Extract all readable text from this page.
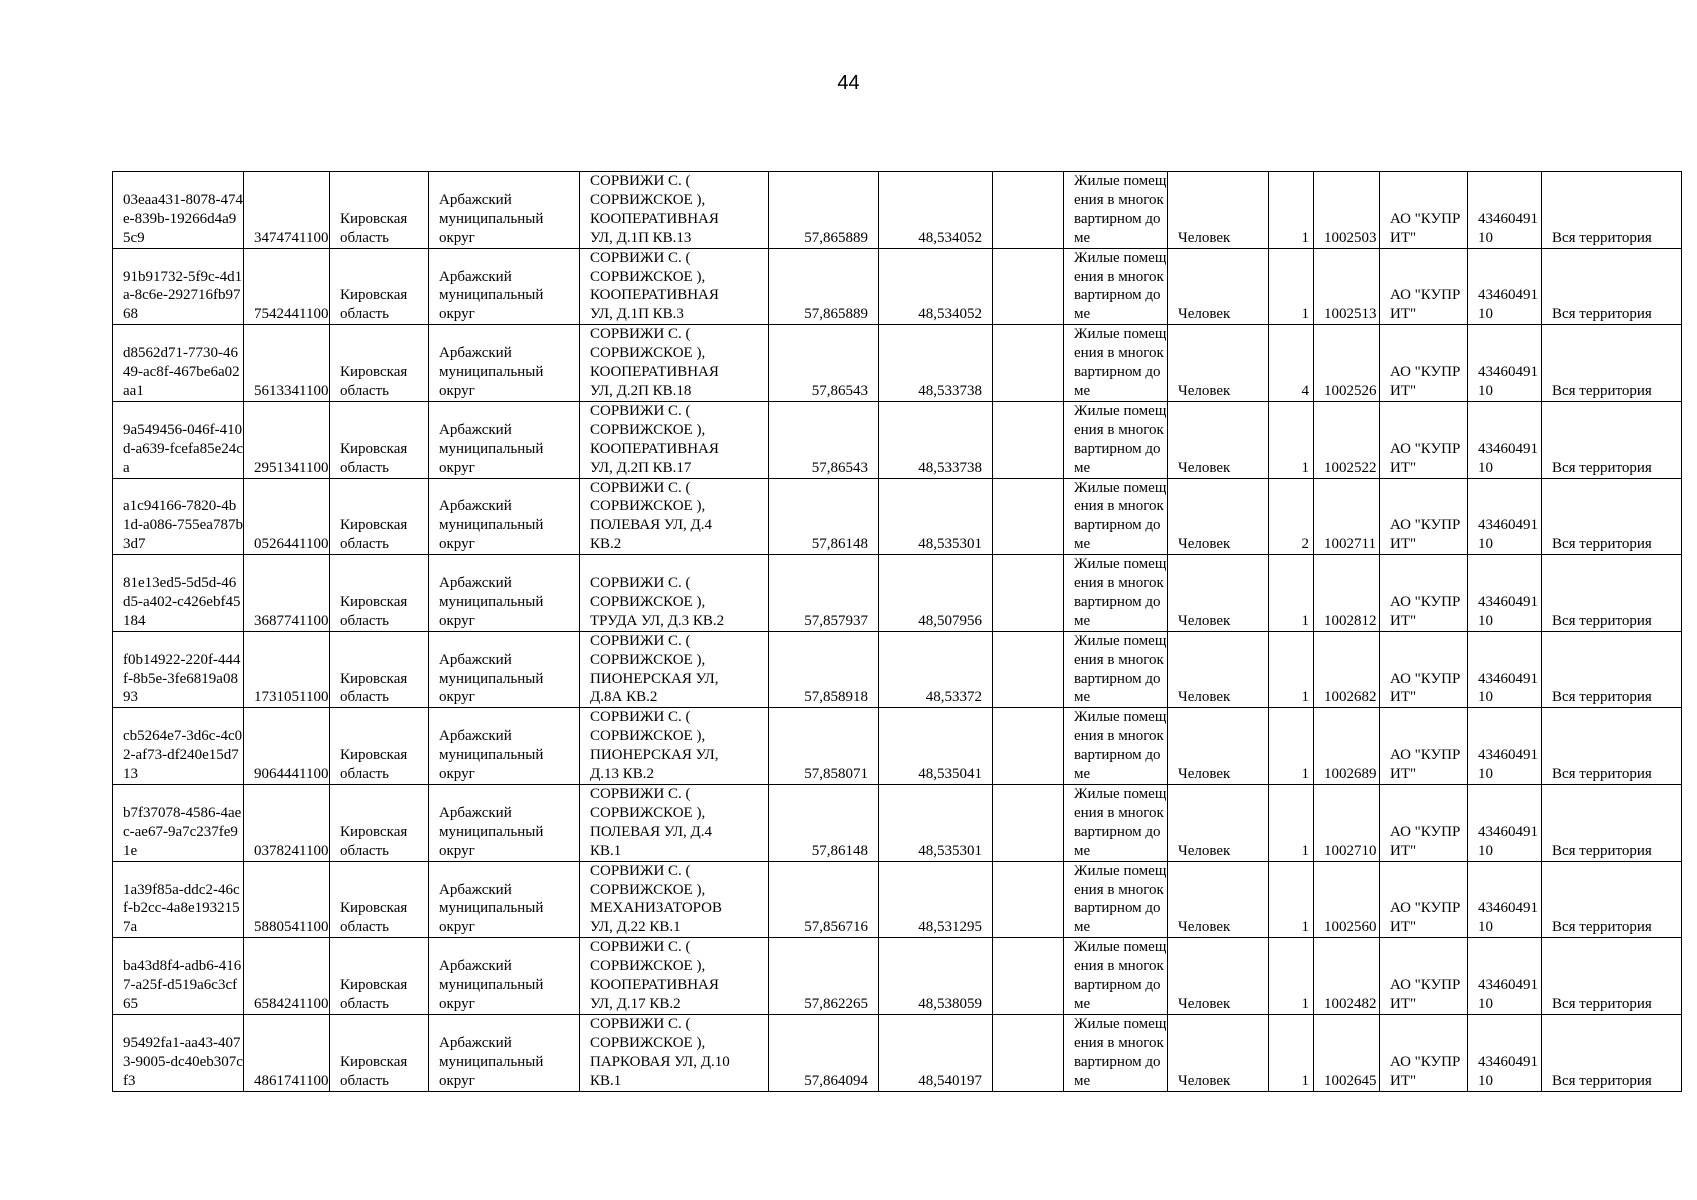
44
03eaa431-8078-474e-839b-19266d4a95c9	3474741100	Кировская область	Арбажский муниципальный округ	СОРВИЖИ С. (
СОРВИЖСКОЕ ),
КООПЕРАТИВНАЯ
УЛ, Д.1П КВ.13	57,865889	48,534052		Жилые помещения в многоквартирном доме	Человек	1	1002503	АО "КУПРИТ"	4346049110	Вся территория
91b91732-5f9c-4d1a-8c6e-292716fb9768	7542441100	Кировская область	Арбажский муниципальный округ	СОРВИЖИ С. (
СОРВИЖСКОЕ ),
КООПЕРАТИВНАЯ
УЛ, Д.1П КВ.3	57,865889	48,534052		Жилые помещения в многоквартирном доме	Человек	1	1002513	АО "КУПРИТ"	4346049110	Вся территория
d8562d71-7730-4649-ac8f-467be6a02aa1	5613341100	Кировская область	Арбажский муниципальный округ	СОРВИЖИ С. (
СОРВИЖСКОЕ ),
КООПЕРАТИВНАЯ
УЛ, Д.2П КВ.18	57,86543	48,533738		Жилые помещения в многоквартирном доме	Человек	4	1002526	АО "КУПРИТ"	4346049110	Вся территория
9a549456-046f-410d-a639-fcefa85e24ca	2951341100	Кировская область	Арбажский муниципальный округ	СОРВИЖИ С. (
СОРВИЖСКОЕ ),
КООПЕРАТИВНАЯ
УЛ, Д.2П КВ.17	57,86543	48,533738		Жилые помещения в многоквартирном доме	Человек	1	1002522	АО "КУПРИТ"	4346049110	Вся территория
a1c94166-7820-4b1d-a086-755ea787b3d7	0526441100	Кировская область	Арбажский муниципальный округ	СОРВИЖИ С. (
СОРВИЖСКОЕ ),
ПОЛЕВАЯ УЛ, Д.4
КВ.2	57,86148	48,535301		Жилые помещения в многоквартирном доме	Человек	2	1002711	АО "КУПРИТ"	4346049110	Вся территория
81e13ed5-5d5d-46d5-a402-c426ebf45184	3687741100	Кировская область	Арбажский муниципальный округ	СОРВИЖИ С. (
СОРВИЖСКОЕ ),
ТРУДА УЛ, Д.3 КВ.2	57,857937	48,507956		Жилые помещения в многоквартирном доме	Человек	1	1002812	АО "КУПРИТ"	4346049110	Вся территория
f0b14922-220f-444f-8b5e-3fe6819a0893	1731051100	Кировская область	Арбажский муниципальный округ	СОРВИЖИ С. (
СОРВИЖСКОЕ ),
ПИОНЕРСКАЯ УЛ,
Д.8А КВ.2	57,858918	48,53372		Жилые помещения в многоквартирном доме	Человек	1	1002682	АО "КУПРИТ"	4346049110	Вся территория
cb5264e7-3d6c-4c02-af73-df240e15d713	9064441100	Кировская область	Арбажский муниципальный округ	СОРВИЖИ С. (
СОРВИЖСКОЕ ),
ПИОНЕРСКАЯ УЛ,
Д.13 КВ.2	57,858071	48,535041		Жилые помещения в многоквартирном доме	Человек	1	1002689	АО "КУПРИТ"	4346049110	Вся территория
b7f37078-4586-4aec-ae67-9a7c237fe91e	0378241100	Кировская область	Арбажский муниципальный округ	СОРВИЖИ С. (
СОРВИЖСКОЕ ),
ПОЛЕВАЯ УЛ, Д.4
КВ.1	57,86148	48,535301		Жилые помещения в многоквартирном доме	Человек	1	1002710	АО "КУПРИТ"	4346049110	Вся территория
1a39f85a-ddc2-46cf-b2cc-4a8e1932157a	5880541100	Кировская область	Арбажский муниципальный округ	СОРВИЖИ С. (
СОРВИЖСКОЕ ),
МЕХАНИЗАТОРОВ
УЛ, Д.22 КВ.1	57,856716	48,531295		Жилые помещения в многоквартирном доме	Человек	1	1002560	АО "КУПРИТ"	4346049110	Вся территория
ba43d8f4-adb6-4167-a25f-d519a6c3cf65	6584241100	Кировская область	Арбажский муниципальный округ	СОРВИЖИ С. (
СОРВИЖСКОЕ ),
КООПЕРАТИВНАЯ
УЛ, Д.17 КВ.2	57,862265	48,538059		Жилые помещения в многоквартирном доме	Человек	1	1002482	АО "КУПРИТ"	4346049110	Вся территория
95492fa1-aa43-4073-9005-dc40eb307cf3	4861741100	Кировская область	Арбажский муниципальный округ	СОРВИЖИ С. (
СОРВИЖСКОЕ ),
ПАРКОВАЯ УЛ, Д.10
КВ.1	57,864094	48,540197		Жилые помещения в многоквартирном доме	Человек	1	1002645	АО "КУПРИТ"	4346049110	Вся территория
